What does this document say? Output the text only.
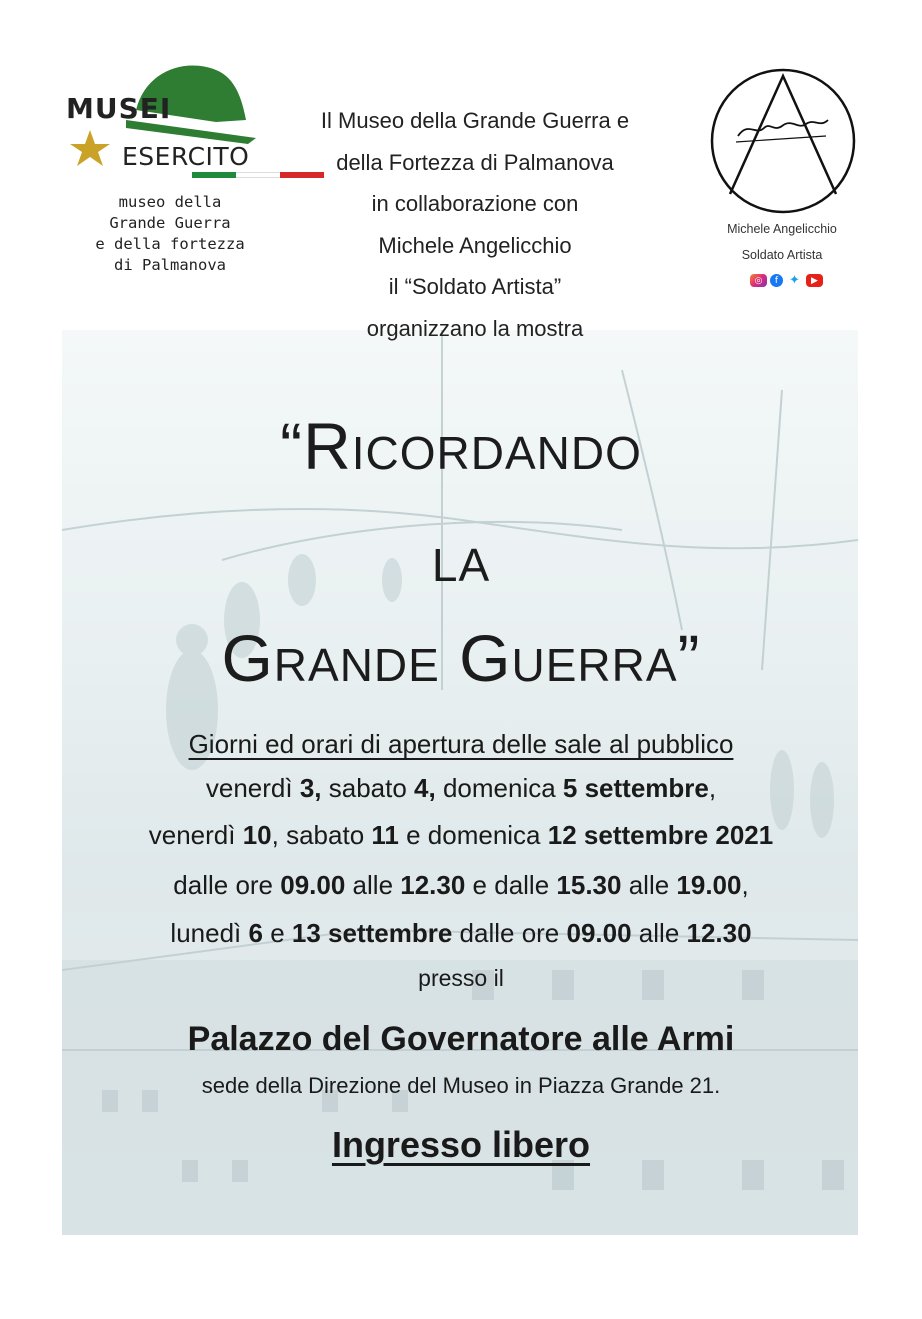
MUSEI
ESERCITO
museo della
Grande Guerra
e della fortezza
di Palmanova
Il Museo della Grande Guerra e
della Fortezza di Palmanova
in collaborazione con
Michele Angelicchio
il “Soldato Artista”
organizzano la mostra
Michele Angelicchio
Soldato Artista
◎	f ✦	▶
“Ricordando
la
Grande Guerra”
Giorni ed orari di apertura delle sale al pubblico
venerdì 3, sabato 4, domenica 5 settembre,
venerdì 10, sabato 11 e domenica 12 settembre 2021
dalle ore 09.00 alle 12.30 e dalle 15.30 alle 19.00,
lunedì 6 e 13 settembre dalle ore 09.00 alle 12.30
presso il
Palazzo del Governatore alle Armi
sede della Direzione del Museo in Piazza Grande 21.
Ingresso libero
